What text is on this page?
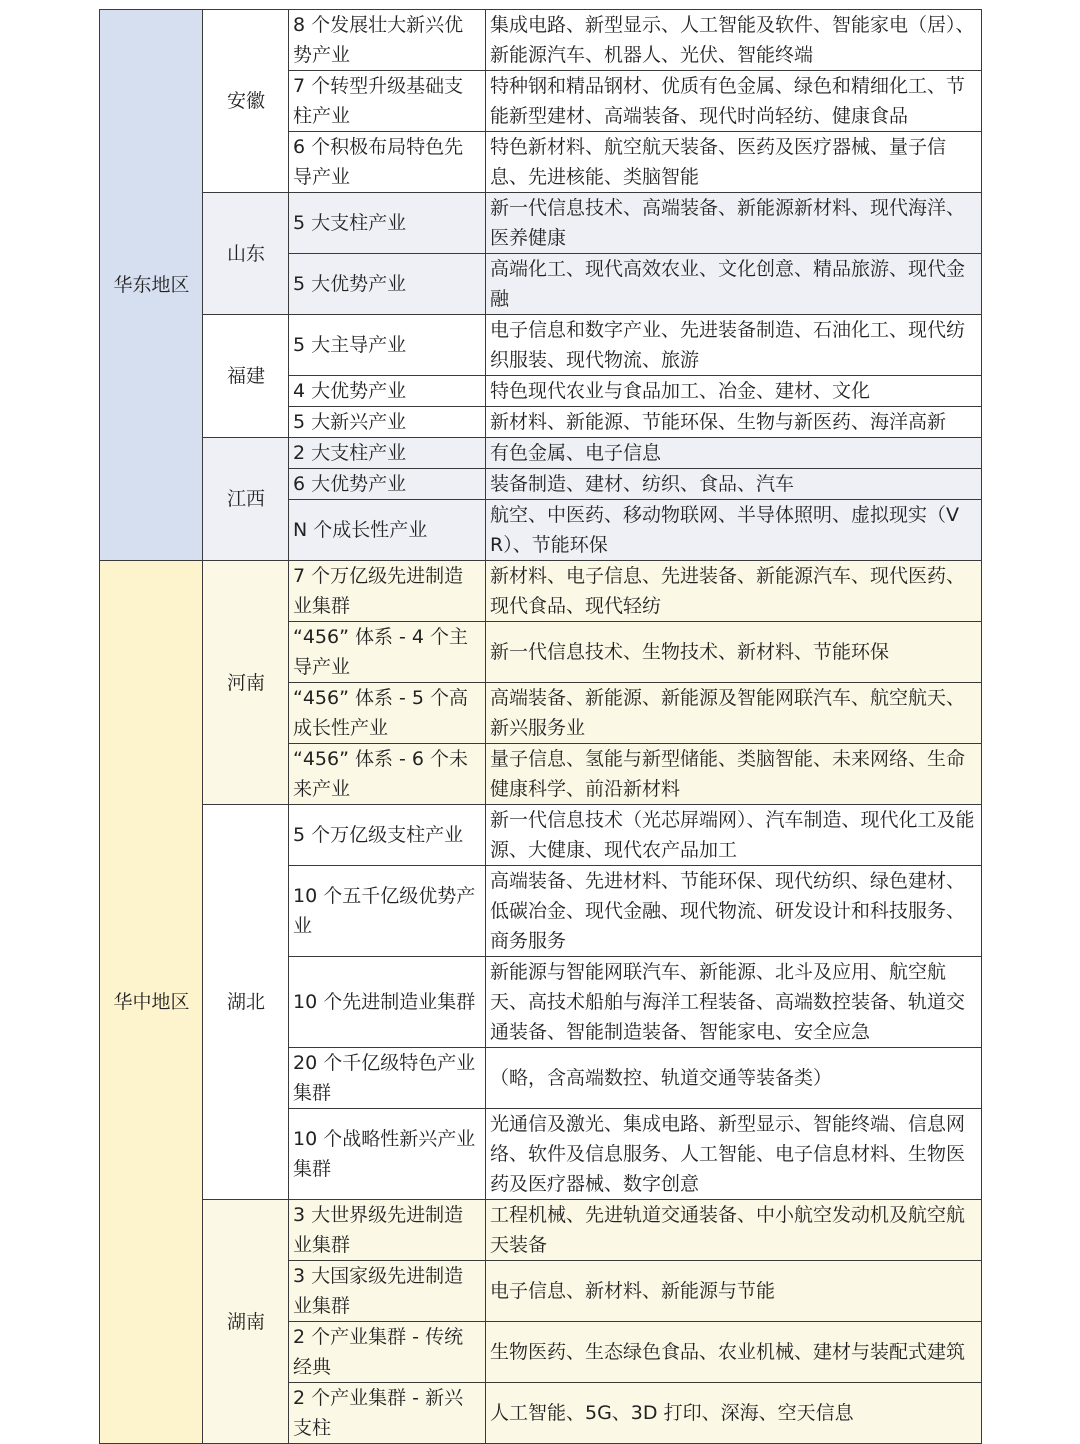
华东地区	安徽	8 个发展壮大新兴优势产业	集成电路、新型显示、人工智能及软件、智能家电（居）、新能源汽车、机器人、光伏、智能终端
		7 个转型升级基础支柱产业	特种钢和精品钢材、优质有色金属、绿色和精细化工、节能新型建材、高端装备、现代时尚轻纺、健康食品
		6 个积极布局特色先导产业	特色新材料、航空航天装备、医药及医疗器械、量子信息、先进核能、类脑智能
	山东	5 大支柱产业	新一代信息技术、高端装备、新能源新材料、现代海洋、医养健康
		5 大优势产业	高端化工、现代高效农业、文化创意、精品旅游、现代金融
	福建	5 大主导产业	电子信息和数字产业、先进装备制造、石油化工、现代纺织服装、现代物流、旅游
		4 大优势产业	特色现代农业与食品加工、冶金、建材、文化
		5 大新兴产业	新材料、新能源、节能环保、生物与新医药、海洋高新
	江西	2 大支柱产业	有色金属、电子信息
		6 大优势产业	装备制造、建材、纺织、食品、汽车
		N 个成长性产业	航空、中医药、移动物联网、半导体照明、虚拟现实（VR）、节能环保
华中地区	河南	7 个万亿级先进制造业集群	新材料、电子信息、先进装备、新能源汽车、现代医药、现代食品、现代轻纺
		“456” 体系 - 4 个主导产业	新一代信息技术、生物技术、新材料、节能环保
		“456” 体系 - 5 个高成长性产业	高端装备、新能源、新能源及智能网联汽车、航空航天、新兴服务业
		“456” 体系 - 6 个未来产业	量子信息、氢能与新型储能、类脑智能、未来网络、生命健康科学、前沿新材料
	湖北	5 个万亿级支柱产业	新一代信息技术（光芯屏端网）、汽车制造、现代化工及能源、大健康、现代农产品加工
		10 个五千亿级优势产业	高端装备、先进材料、节能环保、现代纺织、绿色建材、低碳冶金、现代金融、现代物流、研发设计和科技服务、商务服务
		10 个先进制造业集群	新能源与智能网联汽车、新能源、北斗及应用、航空航天、高技术船舶与海洋工程装备、高端数控装备、轨道交通装备、智能制造装备、智能家电、安全应急
		20 个千亿级特色产业集群	（略，含高端数控、轨道交通等装备类）
		10 个战略性新兴产业集群	光通信及激光、集成电路、新型显示、智能终端、信息网络、软件及信息服务、人工智能、电子信息材料、生物医药及医疗器械、数字创意
	湖南	3 大世界级先进制造业集群	工程机械、先进轨道交通装备、中小航空发动机及航空航天装备
		3 大国家级先进制造业集群	电子信息、新材料、新能源与节能
		2 个产业集群 - 传统经典	生物医药、生态绿色食品、农业机械、建材与装配式建筑
		2 个产业集群 - 新兴支柱	人工智能、5G、3D 打印、深海、空天信息
